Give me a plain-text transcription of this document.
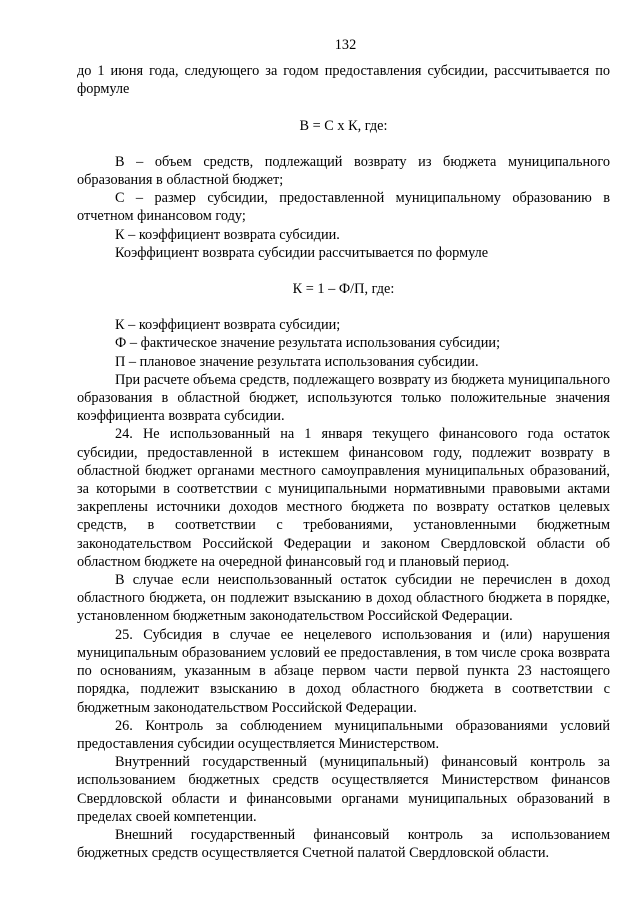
132

до 1 июня года, следующего за годом предоставления субсидии, рассчитывается по формуле

В = С х К, где:

В – объем средств, подлежащий возврату из бюджета муниципального образования в областной бюджет;

С – размер субсидии, предоставленной муниципальному образованию в отчетном финансовом году;

К – коэффициент возврата субсидии.

Коэффициент возврата субсидии рассчитывается по формуле

К = 1 – Ф/П, где:

К – коэффициент возврата субсидии;

Ф – фактическое значение результата использования субсидии;

П – плановое значение результата использования субсидии.

При расчете объема средств, подлежащего возврату из бюджета муниципального образования в областной бюджет, используются только положительные значения коэффициента возврата субсидии.

24. Не использованный на 1 января текущего финансового года остаток субсидии, предоставленной в истекшем финансовом году, подлежит возврату в областной бюджет органами местного самоуправления муниципальных образований, за которыми в соответствии с муниципальными нормативными правовыми актами закреплены источники доходов местного бюджета по возврату остатков целевых средств, в соответствии с требованиями, установленными бюджетным законодательством Российской Федерации и законом Свердловской области об областном бюджете на очередной финансовый год и плановый период.

В случае если неиспользованный остаток субсидии не перечислен в доход областного бюджета, он подлежит взысканию в доход областного бюджета в порядке, установленном бюджетным законодательством Российской Федерации.

25. Субсидия в случае ее нецелевого использования и (или) нарушения муниципальным образованием условий ее предоставления, в том числе срока возврата по основаниям, указанным в абзаце первом части первой пункта 23 настоящего порядка, подлежит взысканию в доход областного бюджета в соответствии с бюджетным законодательством Российской Федерации.

26. Контроль за соблюдением муниципальными образованиями условий предоставления субсидии осуществляется Министерством.

Внутренний государственный (муниципальный) финансовый контроль за использованием бюджетных средств осуществляется Министерством финансов Свердловской области и финансовыми органами муниципальных образований в пределах своей компетенции.

Внешний государственный финансовый контроль за использованием бюджетных средств осуществляется Счетной палатой Свердловской области.
